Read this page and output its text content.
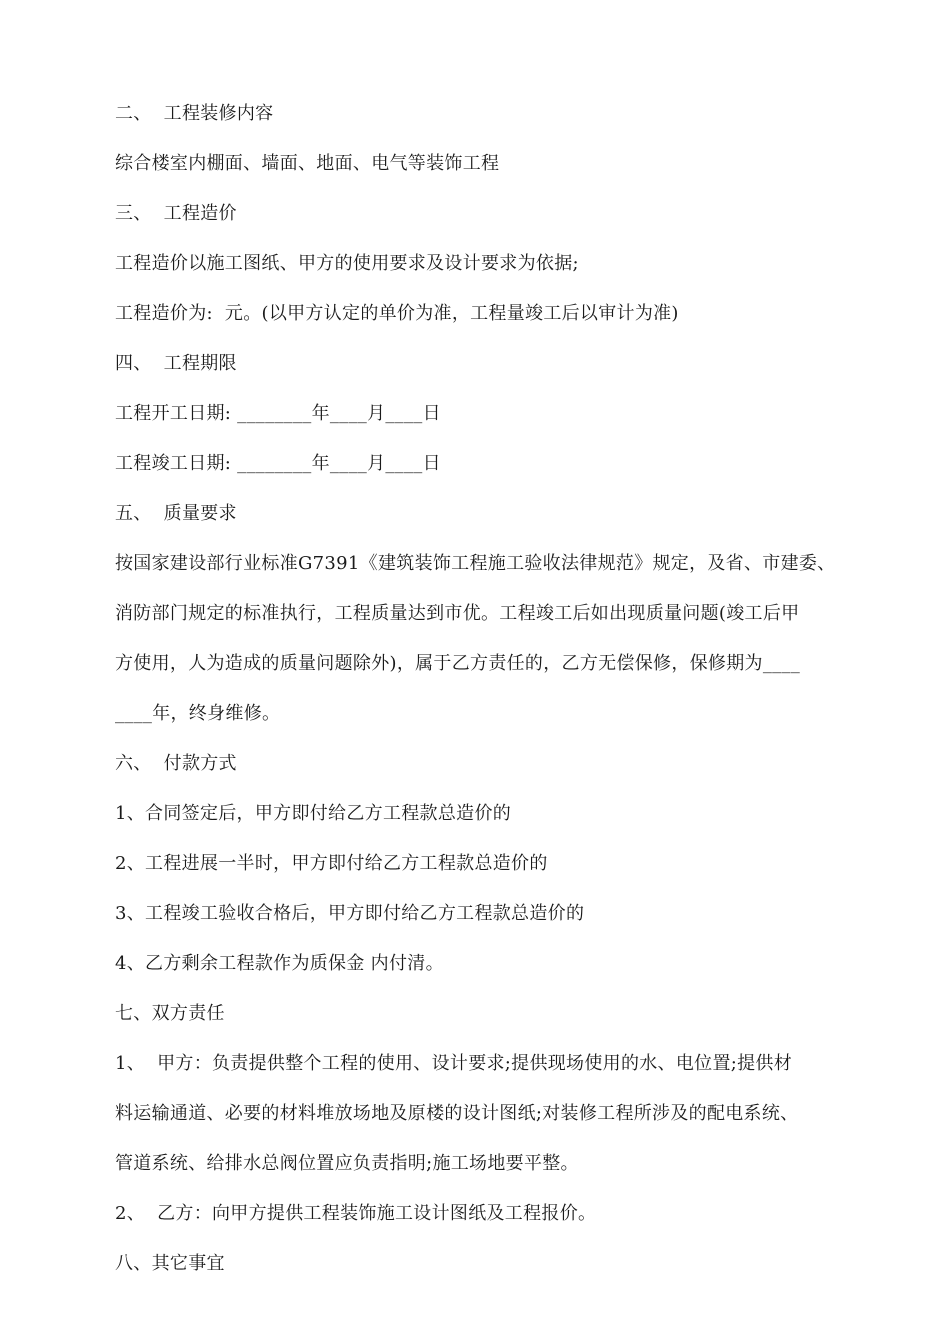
二、  工程装修内容
综合楼室内棚面、墙面、地面、电气等装饰工程
三、  工程造价
工程造价以施工图纸、甲方的使用要求及设计要求为依据;
工程造价为:  元。(以甲方认定的单价为准，工程量竣工后以审计为准)
四、  工程期限
工程开工日期: ________年____月____日
工程竣工日期: ________年____月____日
五、  质量要求
按国家建设部行业标准G7391《建筑装饰工程施工验收法律规范》规定，及省、市建委、
消防部门规定的标准执行，工程质量达到市优。工程竣工后如出现质量问题(竣工后甲
方使用，人为造成的质量问题除外)，属于乙方责任的，乙方无偿保修，保修期为____
____年，终身维修。
六、  付款方式
1、合同签定后，甲方即付给乙方工程款总造价的
2、工程进展一半时，甲方即付给乙方工程款总造价的
3、工程竣工验收合格后，甲方即付给乙方工程款总造价的
4、乙方剩余工程款作为质保金 内付清。
七、双方责任
1、  甲方：负责提供整个工程的使用、设计要求;提供现场使用的水、电位置;提供材
料运输通道、必要的材料堆放场地及原楼的设计图纸;对装修工程所涉及的配电系统、
管道系统、给排水总阀位置应负责指明;施工场地要平整。
2、  乙方：向甲方提供工程装饰施工设计图纸及工程报价。
八、其它事宜
